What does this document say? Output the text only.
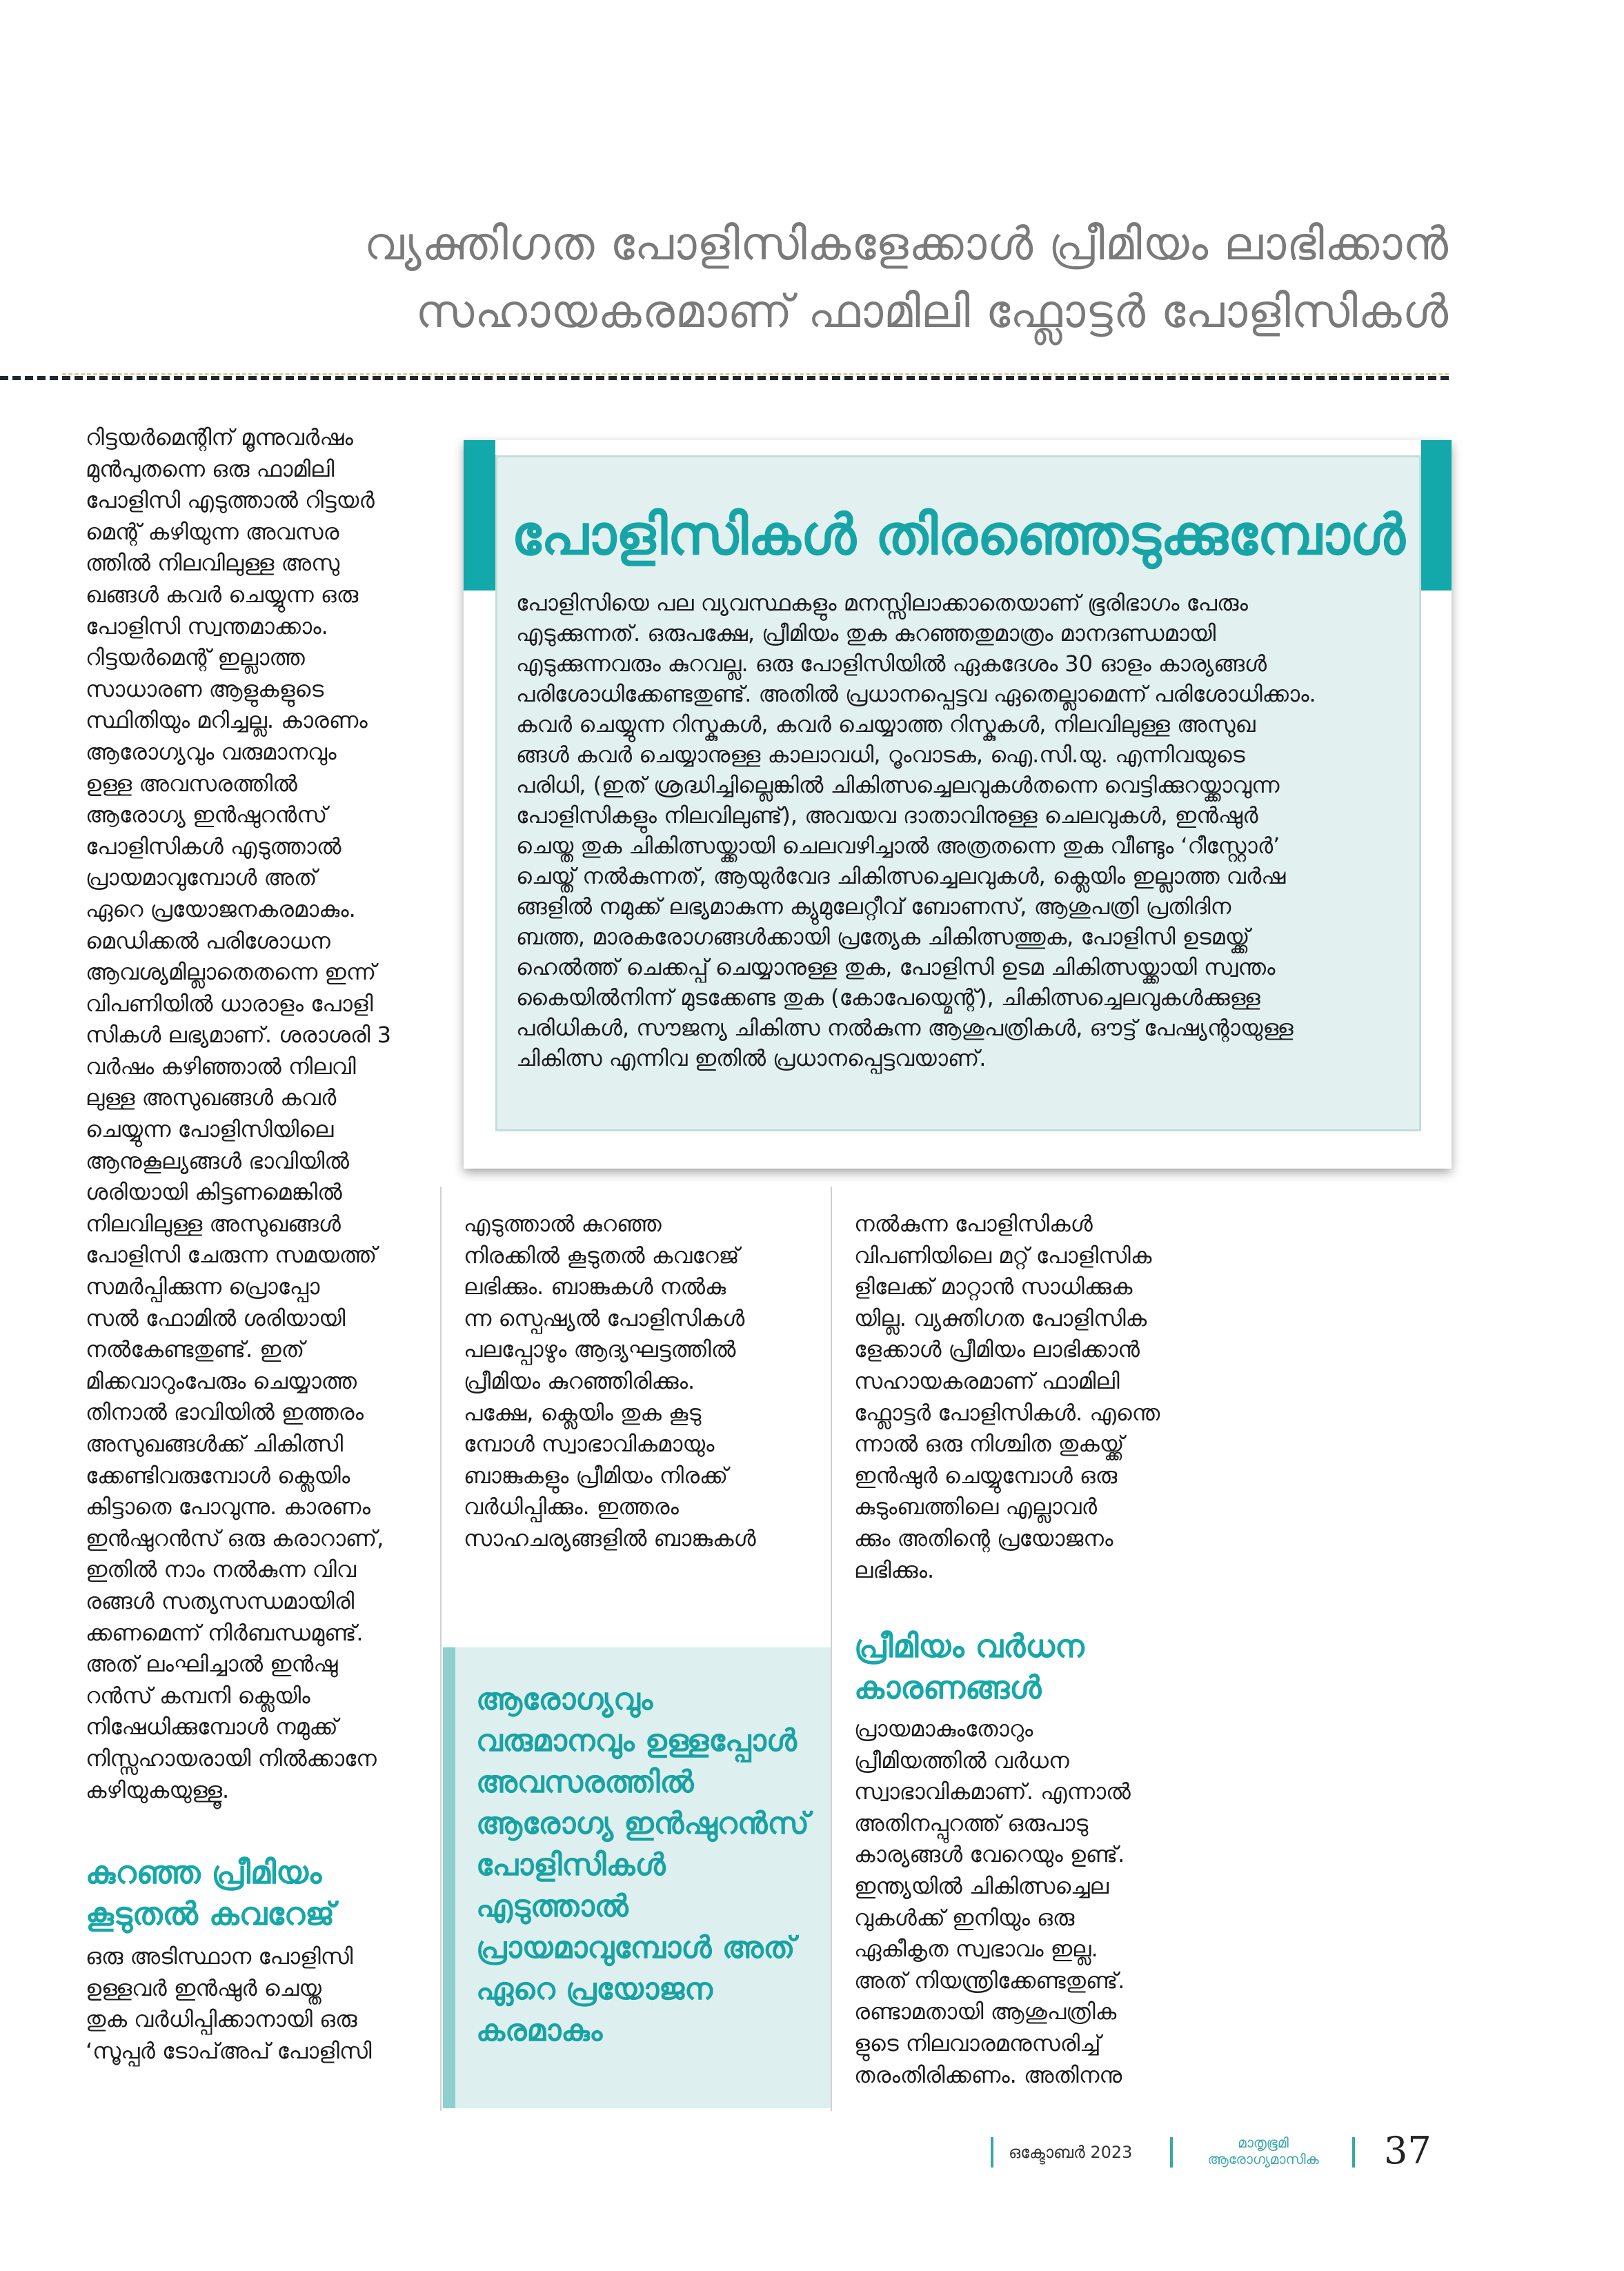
വ്യക്തിഗത പോളിസികളേക്കാൾ പ്രീമിയം ലാഭിക്കാൻ
സഹായകരമാണ് ഫാമിലി ഫ്ലോട്ടർ പോളിസികൾ

റിട്ടയർമെന്റിന് മൂന്നുവർഷം
മുൻപുതന്നെ ഒരു ഫാമിലി
പോളിസി എടുത്താൽ റിട്ടയർ
മെന്റ് കഴിയുന്ന അവസര
ത്തിൽ നിലവിലുള്ള അസു
ഖങ്ങൾ കവർ ചെയ്യുന്ന ഒരു
പോളിസി സ്വന്തമാക്കാം.
റിട്ടയർമെന്റ് ഇല്ലാത്ത
സാധാരണ ആളുകളുടെ
സ്ഥിതിയും മറിച്ചല്ല. കാരണം
ആരോഗ്യവും വരുമാനവും
ഉള്ള അവസരത്തിൽ
ആരോഗ്യ ഇൻഷുറൻസ്
പോളിസികൾ എടുത്താൽ
പ്രായമാവുമ്പോൾ അത്
ഏറെ പ്രയോജനകരമാകും.
മെഡിക്കൽ പരിശോധന
ആവശ്യമില്ലാതെതന്നെ ഇന്ന്
വിപണിയിൽ ധാരാളം പോളി
സികൾ ലഭ്യമാണ്. ശരാശരി 3
വർഷം കഴിഞ്ഞാൽ നിലവി
ലുള്ള അസുഖങ്ങൾ കവർ
ചെയ്യുന്ന പോളിസിയിലെ
ആനുകൂല്യങ്ങൾ ഭാവിയിൽ
ശരിയായി കിട്ടണമെങ്കിൽ
നിലവിലുള്ള അസുഖങ്ങൾ
പോളിസി ചേരുന്ന സമയത്ത്
സമർപ്പിക്കുന്ന പ്രൊപ്പോ
സൽ ഫോമിൽ ശരിയായി
നൽകേണ്ടതുണ്ട്. ഇത്
മിക്കവാറുംപേരും ചെയ്യാത്ത
തിനാൽ ഭാവിയിൽ ഇത്തരം
അസുഖങ്ങൾക്ക് ചികിത്സി
ക്കേണ്ടിവരുമ്പോൾ ക്ലെയിം
കിട്ടാതെ പോവുന്നു. കാരണം
ഇൻഷുറൻസ് ഒരു കരാറാണ്,
ഇതിൽ നാം നൽകുന്ന വിവ
രങ്ങൾ സത്യസന്ധമായിരി
ക്കണമെന്ന് നിർബന്ധമുണ്ട്.
അത് ലംഘിച്ചാൽ ഇൻഷു
റൻസ് കമ്പനി ക്ലെയിം
നിഷേധിക്കുമ്പോൾ നമുക്ക്
നിസ്സഹായരായി നിൽക്കാനേ
കഴിയുകയുള്ളൂ.

കുറഞ്ഞ പ്രീമിയം
കൂടുതൽ കവറേജ്

ഒരു അടിസ്ഥാന പോളിസി
ഉള്ളവർ ഇൻഷുർ ചെയ്ത
തുക വർധിപ്പിക്കാനായി ഒരു
‘സൂപ്പർ ടോപ്അപ് പോളിസി

പോളിസികൾ തിരഞ്ഞെടുക്കുമ്പോൾ

പോളിസിയെ പല വ്യവസ്ഥകളും മനസ്സിലാക്കാതെയാണ് ഭൂരിഭാഗം പേരും
എടുക്കുന്നത്. ഒരുപക്ഷേ, പ്രീമിയം തുക കുറഞ്ഞതുമാത്രം മാനദണ്ഡമായി
എടുക്കുന്നവരും കുറവല്ല. ഒരു പോളിസിയിൽ ഏകദേശം 30 ഓളം കാര്യങ്ങൾ
പരിശോധിക്കേണ്ടതുണ്ട്. അതിൽ പ്രധാനപ്പെട്ടവ ഏതെല്ലാമെന്ന് പരിശോധിക്കാം.
കവർ ചെയ്യുന്ന റിസ്കുകൾ, കവർ ചെയ്യാത്ത റിസ്കുകൾ, നിലവിലുള്ള അസുഖ
ങ്ങൾ കവർ ചെയ്യാനുള്ള കാലാവധി, റൂംവാടക, ഐ.സി.യു. എന്നിവയുടെ
പരിധി, (ഇത് ശ്രദ്ധിച്ചില്ലെങ്കിൽ ചികിത്സച്ചെലവുകൾതന്നെ വെട്ടിക്കുറയ്ക്കാവുന്ന
പോളിസികളും നിലവിലുണ്ട്), അവയവ ദാതാവിനുള്ള ചെലവുകൾ, ഇൻഷുർ
ചെയ്ത തുക ചികിത്സയ്ക്കായി ചെലവഴിച്ചാൽ അത്രതന്നെ തുക വീണ്ടും ‘റീസ്റ്റോർ’
ചെയ്ത് നൽകുന്നത്, ആയുർവേദ ചികിത്സച്ചെലവുകൾ, ക്ലെയിം ഇല്ലാത്ത വർഷ
ങ്ങളിൽ നമുക്ക് ലഭ്യമാകുന്ന ക്യുമുലേറ്റീവ് ബോണസ്, ആശുപത്രി പ്രതിദിന
ബത്ത, മാരകരോഗങ്ങൾക്കായി പ്രത്യേക ചികിത്സത്തുക, പോളിസി ഉടമയ്ക്ക്
ഹെൽത്ത് ചെക്കപ്പ് ചെയ്യാനുള്ള തുക, പോളിസി ഉടമ ചികിത്സയ്ക്കായി സ്വന്തം
കൈയിൽനിന്ന് മുടക്കേണ്ട തുക (കോപേയ്മെന്റ്), ചികിത്സച്ചെലവുകൾക്കുള്ള
പരിധികൾ, സൗജന്യ ചികിത്സ നൽകുന്ന ആശുപത്രികൾ, ഔട്ട് പേഷ്യന്റായുള്ള
ചികിത്സ എന്നിവ ഇതിൽ പ്രധാനപ്പെട്ടവയാണ്.

എടുത്താൽ കുറഞ്ഞ
നിരക്കിൽ കൂടുതൽ കവറേജ്
ലഭിക്കും. ബാങ്കുകൾ നൽകു
ന്ന സ്പെഷ്യൽ പോളിസികൾ
പലപ്പോഴും ആദ്യഘട്ടത്തിൽ
പ്രീമിയം കുറഞ്ഞിരിക്കും.
പക്ഷേ, ക്ലെയിം തുക കൂടു
മ്പോൾ സ്വാഭാവികമായും
ബാങ്കുകളും പ്രീമിയം നിരക്ക്
വർധിപ്പിക്കും. ഇത്തരം
സാഹചര്യങ്ങളിൽ ബാങ്കുകൾ

ആരോഗ്യവും
വരുമാനവും ഉള്ളപ്പോൾ
അവസരത്തിൽ
ആരോഗ്യ ഇൻഷുറൻസ്
പോളിസികൾ
എടുത്താൽ
പ്രായമാവുമ്പോൾ അത്
ഏറെ പ്രയോജന
കരമാകും

നൽകുന്ന പോളിസികൾ
വിപണിയിലെ മറ്റ് പോളിസിക
ളിലേക്ക് മാറ്റാൻ സാധിക്കുക
യില്ല. വ്യക്തിഗത പോളിസിക
ളേക്കാൾ പ്രീമിയം ലാഭിക്കാൻ
സഹായകരമാണ് ഫാമിലി
ഫ്ലോട്ടർ പോളിസികൾ. എന്തെ
ന്നാൽ ഒരു നിശ്ചിത തുകയ്ക്ക്
ഇൻഷുർ ചെയ്യുമ്പോൾ ഒരു
കുടുംബത്തിലെ എല്ലാവർ
ക്കും അതിന്റെ പ്രയോജനം
ലഭിക്കും.

പ്രീമിയം വർധന
കാരണങ്ങൾ

പ്രായമാകുംതോറും
പ്രീമിയത്തിൽ വർധന
സ്വാഭാവികമാണ്. എന്നാൽ
അതിനപ്പുറത്ത് ഒരുപാടു
കാര്യങ്ങൾ വേറെയും ഉണ്ട്.
ഇന്ത്യയിൽ ചികിത്സച്ചെല
വുകൾക്ക് ഇനിയും ഒരു
ഏകീകൃത സ്വഭാവം ഇല്ല.
അത് നിയന്ത്രിക്കേണ്ടതുണ്ട്.
രണ്ടാമതായി ആശുപത്രിക
ളുടെ നിലവാരമനുസരിച്ച്
തരംതിരിക്കണം. അതിനനു

ഒക്ടോബർ 2023	മാതൃഭൂമി
ആരോഗ്യമാസിക	37
